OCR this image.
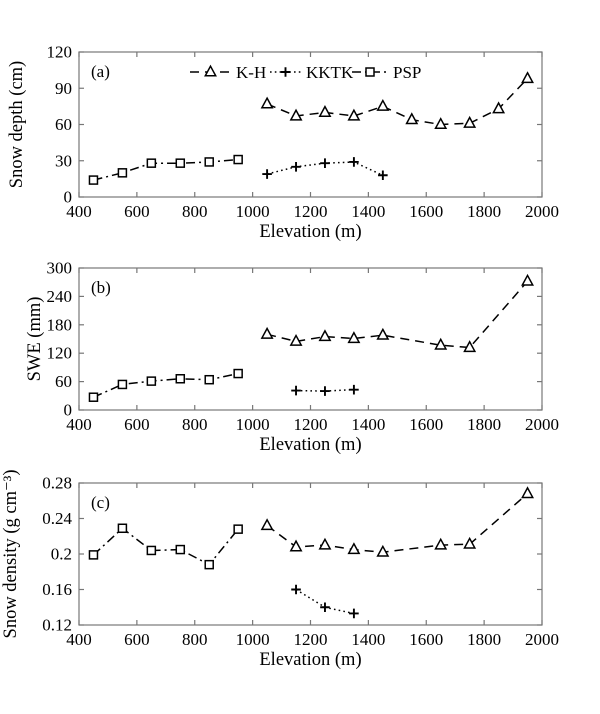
400 600 800 1000 1200 1400 1600 1800 2000
0
30
60
90
120
Elevation (m)
Snow depth (cm)	(a)	K-H KKTK PSP
400 600 800 1000 1200 1400 1600 1800 2000
0
60
120
180
240
300
Elevation (m)
SWE (mm)
(b)
400 600 800 1000 1200 1400 1600 1800 2000
0.12
0.16
0.2
0.24
0.28
Elevation (m)
Snow density (g cm⁻³)	(c)
